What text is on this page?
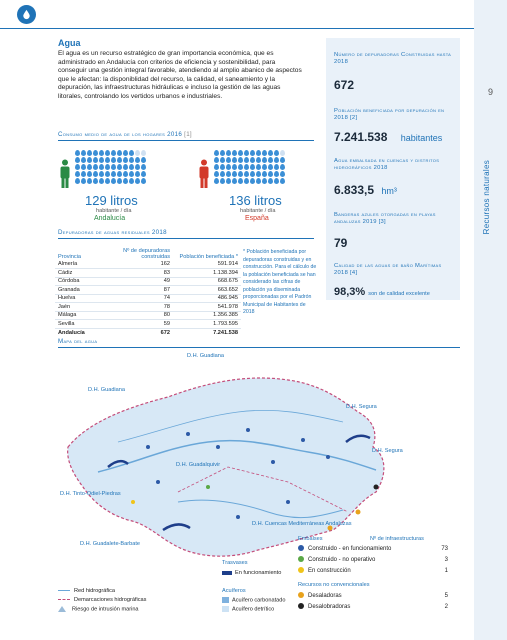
9
Recursos naturales
Agua
El agua es un recurso estratégico de gran importancia económica, que es administrado en Andalucía con criterios de eficiencia y sostenibilidad, para conseguir una gestión integral favorable, atendiendo al amplio abanico de aspectos que le afectan: la disponiblidad del recurso, la calidad, el saneamiento y la depuración, las infraestructuras hidráulicas e incluso la gestión de las aguas litorales, controlando los vertidos urbanos e industriales.
Consumo medio de agua de los hogares 2016 [1]
129 litros
habitante / día
Andalucía
136 litros
habitante / día
España
Depuradoras de aguas residuales 2018
Provincia	Nº de depuradoras construidas	Población beneficiada *
Almería	162	591.914
Cádiz	83	1.138.394
Córdoba	49	668.675
Granada	87	663.652
Huelva	74	486.945
Jaén	78	541.978
Málaga	80	1.356.385
Sevilla	59	1.793.595
Andalucía	672	7.241.538
* Población beneficiada por depuradoras construidas y en construcción. Para el cálculo de la población beneficiada se han considerado las cifras de población ya diseminada proporcionadas por el Padrón Municipal de Habitantes de 2018
Número de depuradoras Construidas hasta 2018
672
Población beneficiada por depuración en 2018 [2]
7.241.538 habitantes
Agua embalsada en cuencas y distritos hidrográficos 2018
6.833,5 hm³
Banderas azules otorgadas en playas andaluzas 2019 [3]
79
Calidad de las aguas de baño Marítimas 2018 [4]
98,3% son de calidad excelente
Mapa del agua
D.H. Guadiana
D.H. Guadiana
D.H. Segura
D.H. Segura
D.H. Guadalquivir
D.H. Tinto-Odiel-Piedras
D.H. Cuencas Mediterráneas Andaluzas
D.H. Guadalete-Barbate
Red hidrográfica
Demarcaciones hidrográficas
Riesgo de intrusión marina
Trasvases
En funcionamiento
Acuíferos
Acuífero carbonatado
Acuífero detrítico
Embalses	Nº de infraestructuras
Construido - en funcionamiento	73
Construido - no operativo	3
En construcción	1
Recursos no convencionales
Desaladoras	5
Desalobradoras	2
